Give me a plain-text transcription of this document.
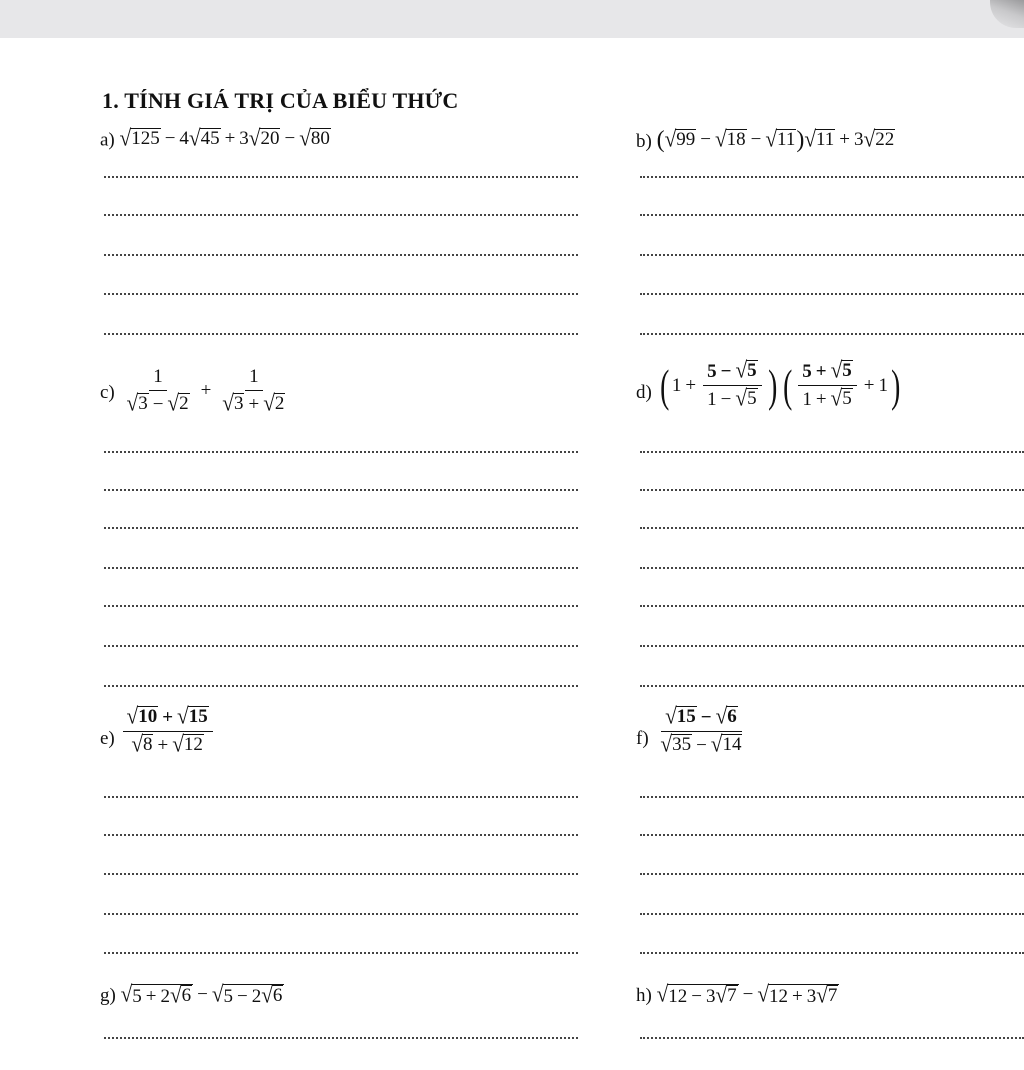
1. TÍNH GIÁ TRỊ CỦA BIỂU THỨC
a) √ 125 − 4 √ 45 + 3 √ 20 − √ 80	b) ( √ 99 − √ 18 − √ 11 ) √ 11 + 3 √ 22
$c) \frac{1}{√ 3 - √ 2} + \frac{1}{√ 3 + √ 2}$	d) ( $1 + \frac{5 - √ 5}{1 - √ 5}$ ) ( $\frac{5 + √ 5}{1 + √ 5} + 1$ )
$e) \frac{√ 10 + √ 15}{√ 8 + √ 12}$	$f) \frac{√ 15 - √ 6}{√ 35 - √ 14}$
g) √ 5 + 2 √ 6 − √ 5 − 2 √ 6	h) √ 12 − 3 √ 7 − √ 12 + 3 √ 7
